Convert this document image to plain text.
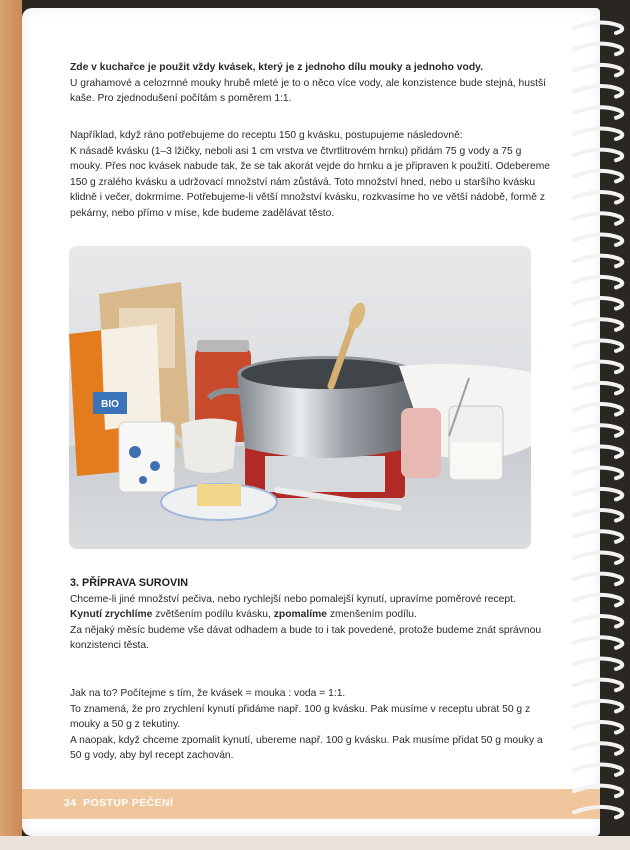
Zde v kuchařce je použit vždy kvásek, který je z jednoho dílu mouky a jednoho vody.

U grahamové a celozrnné mouky hrubě mleté je to o něco více vody, ale konzistence bude stejná, hustší kaše. Pro zjednodušení počítám s poměrem 1:1.

Například, když ráno potřebujeme do receptu 150 g kvásku, postupujeme následovně:

K násadě kvásku (1–3 lžičky, neboli asi 1 cm vrstva ve čtvrtlitrovém hrnku) přidám 75 g vody a 75 g mouky. Přes noc kvásek nabude tak, že se tak akorát vejde do hrnku a je připraven k použití. Odebereme 150 g zralého kvásku a udržovací množství nám zůstává. Toto množství hned, nebo u staršího kvásku klidně i večer, dokrmíme. Potřebujeme-li větší množství kvásku, rozkvasíme ho ve větší nádobě, formě z pekárny, nebo přímo v míse, kde budeme zadělávat těsto.

BIO

3. PŘÍPRAVA SUROVIN

Chceme-li jiné množství pečiva, nebo rychlejší nebo pomalejší kynutí, upravíme poměrové recept.

Kynutí zrychlíme zvětšením podílu kvásku, zpomalíme zmenšením podílu.

Za nějaký měsíc budeme vše dávat odhadem a bude to i tak povedené, protože budeme znát správnou konzistenci těsta.

Jak na to? Počítejme s tím, že kvásek = mouka : voda = 1:1.

To znamená, že pro zrychlení kynutí přidáme např. 100 g kvásku. Pak musíme v receptu ubrat 50 g z mouky a 50 g z tekutiny.

A naopak, když chceme zpomalit kynutí, ubereme např. 100 g kvásku. Pak musíme přidat 50 g mouky a 50 g vody, aby byl recept zachován.

34 POSTUP PEČENÍ
